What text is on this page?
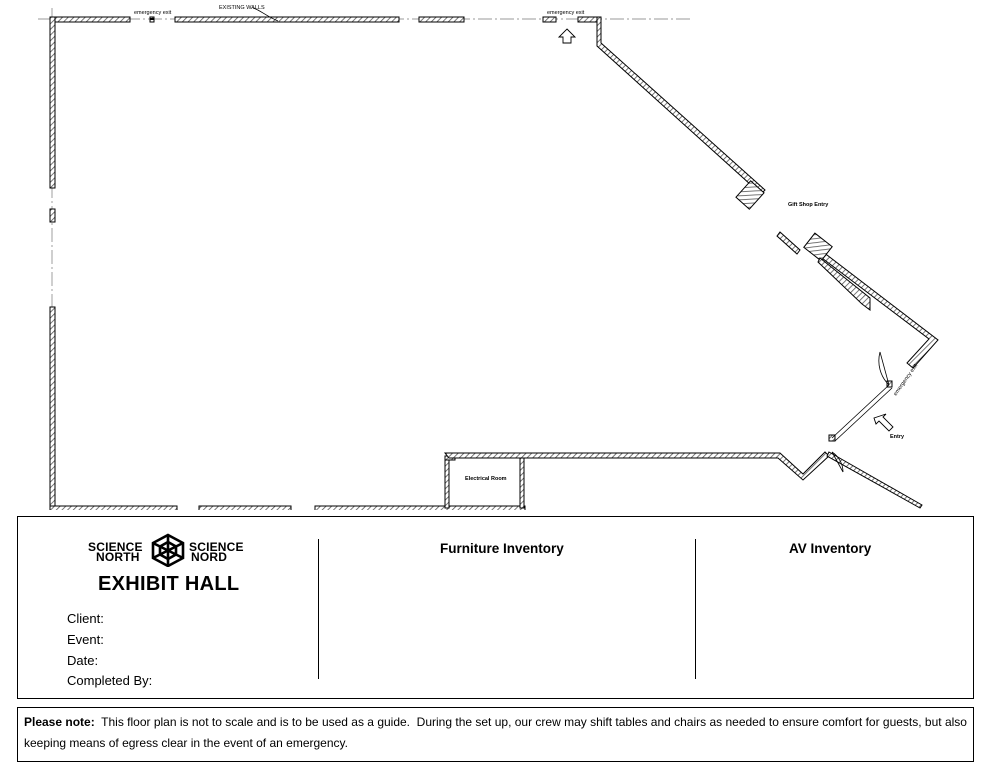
emergency exit
EXISTING WALLS
emergency exit
Gift Shop Entry
emergency exit
Entry
Electrical Room
SCIENCE
NORTH
SCIENCE
NORD
EXHIBIT HALL
Client:
Event:
Date:
Completed By:
Furniture Inventory	AV Inventory
Please note:  This floor plan is not to scale and is to be used as a guide.  During the set up, our crew may shift tables and chairs as needed to ensure comfort for guests, but also  keeping means of egress clear in the event of an emergency.
